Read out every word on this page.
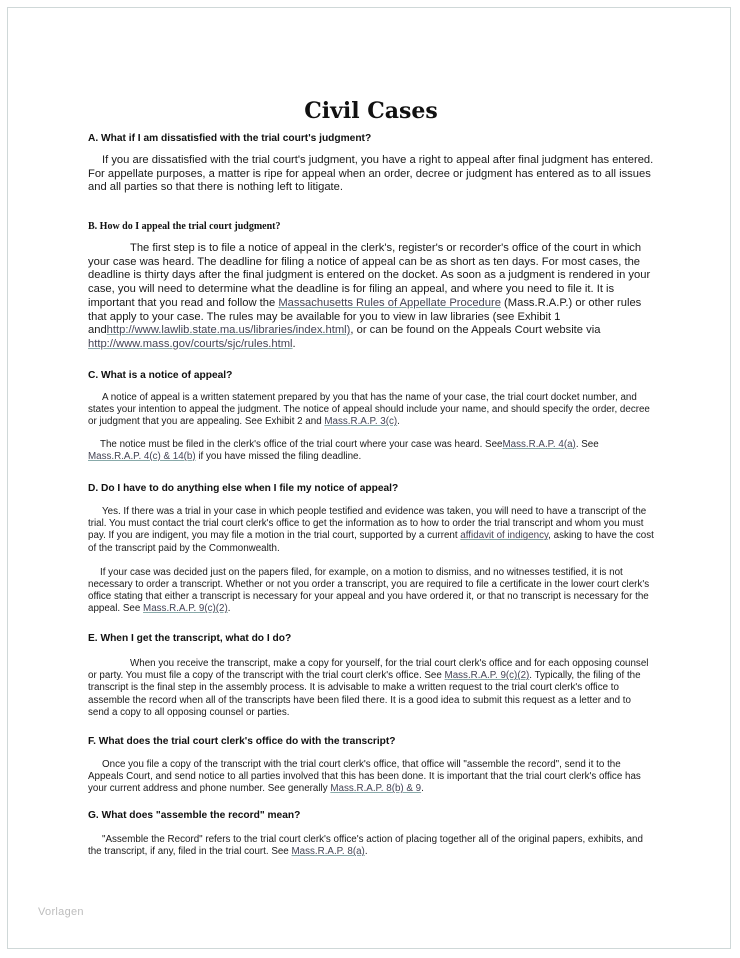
Civil Cases
A. What if I am dissatisfied with the trial court's judgment?

If you are dissatisfied with the trial court's judgment, you have a right to appeal after final judgment has entered. For appellate purposes, a matter is ripe for appeal when an order, decree or judgment has entered as to all issues and all parties so that there is nothing left to litigate.

B. How do I appeal the trial court judgment?

The first step is to file a notice of appeal in the clerk's, register's or recorder's office of the court in which your case was heard. The deadline for filing a notice of appeal can be as short as ten days. For most cases, the deadline is thirty days after the final judgment is entered on the docket. As soon as a judgment is rendered in your case, you will need to determine what the deadline is for filing an appeal, and where you need to file it. It is important that you read and follow the Massachusetts Rules of Appellate Procedure (Mass.R.A.P.) or other rules that apply to your case. The rules may be available for you to view in law libraries (see Exhibit 1 andhttp://www.lawlib.state.ma.us/libraries/index.html), or can be found on the Appeals Court website via http://www.mass.gov/courts/sjc/rules.html.

C. What is a notice of appeal?

A notice of appeal is a written statement prepared by you that has the name of your case, the trial court docket number, and states your intention to appeal the judgment. The notice of appeal should include your name, and should specify the order, decree or judgment that you are appealing. See Exhibit 2 and Mass.R.A.P. 3(c).

The notice must be filed in the clerk's office of the trial court where your case was heard. SeeMass.R.A.P. 4(a). See Mass.R.A.P. 4(c) & 14(b) if you have missed the filing deadline.

D. Do I have to do anything else when I file my notice of appeal?

Yes. If there was a trial in your case in which people testified and evidence was taken, you will need to have a transcript of the trial. You must contact the trial court clerk's office to get the information as to how to order the trial transcript and whom you must pay. If you are indigent, you may file a motion in the trial court, supported by a current affidavit of indigency, asking to have the cost of the transcript paid by the Commonwealth.

If your case was decided just on the papers filed, for example, on a motion to dismiss, and no witnesses testified, it is not necessary to order a transcript. Whether or not you order a transcript, you are required to file a certificate in the lower court clerk's office stating that either a transcript is necessary for your appeal and you have ordered it, or that no transcript is necessary for the appeal. See Mass.R.A.P. 9(c)(2).

E. When I get the transcript, what do I do?

When you receive the transcript, make a copy for yourself, for the trial court clerk's office and for each opposing counsel or party. You must file a copy of the transcript with the trial court clerk's office. See Mass.R.A.P. 9(c)(2). Typically, the filing of the transcript is the final step in the assembly process. It is advisable to make a written request to the trial court clerk's office to assemble the record when all of the transcripts have been filed there. It is a good idea to submit this request as a letter and to send a copy to all opposing counsel or parties.

F. What does the trial court clerk's office do with the transcript?

Once you file a copy of the transcript with the trial court clerk's office, that office will "assemble the record", send it to the Appeals Court, and send notice to all parties involved that this has been done. It is important that the trial court clerk's office has your current address and phone number. See generally Mass.R.A.P. 8(b) & 9.

G. What does "assemble the record" mean?

"Assemble the Record" refers to the trial court clerk's office's action of placing together all of the original papers, exhibits, and the transcript, if any, filed in the trial court. See Mass.R.A.P. 8(a).

Vorlagen
